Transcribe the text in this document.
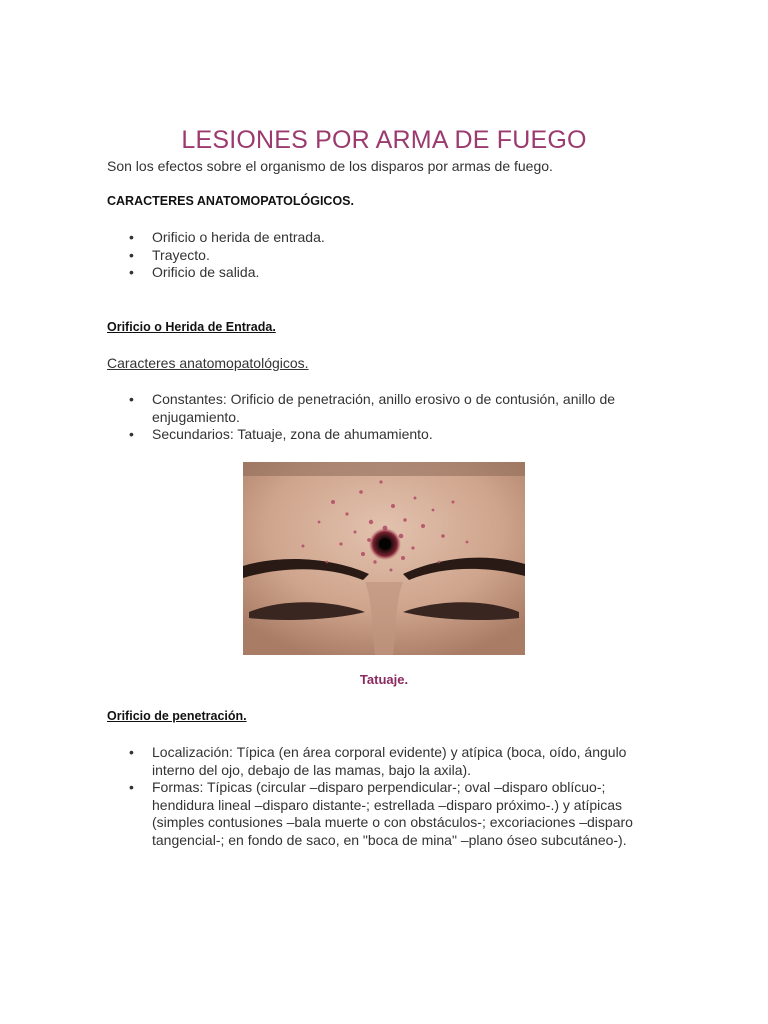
LESIONES POR ARMA DE FUEGO
Son los efectos sobre el organismo de los disparos por armas de fuego.
CARACTERES ANATOMOPATOLÓGICOS.
• Orificio o herida de entrada.
• Trayecto.
• Orificio de salida.
Orificio o Herida de Entrada.
Caracteres anatomopatológicos.
• Constantes: Orificio de penetración, anillo erosivo o de contusión, anillo de enjugamiento.
• Secundarios: Tatuaje, zona de ahumamiento.
Tatuaje.
Orificio de penetración.
• Localización: Típica (en área corporal evidente) y atípica (boca, oído, ángulo interno del ojo, debajo de las mamas, bajo la axila).
• Formas: Típicas (circular –disparo perpendicular-; oval –disparo oblícuo-; hendidura lineal –disparo distante-; estrellada –disparo próximo-.) y atípicas (simples contusiones –bala muerte o con obstáculos-; excoriaciones –disparo tangencial-; en fondo de saco, en "boca de mina" –plano óseo subcutáneo-).
